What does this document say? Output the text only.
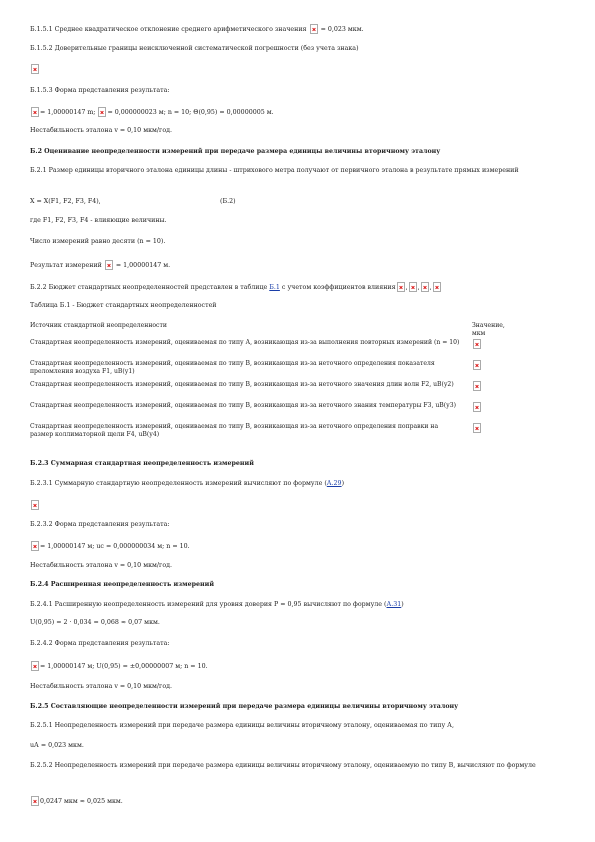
Б.1.5.1 Среднее квадратическое отклонение среднего арифметического значения = 0,023 мкм.
Б.1.5.2 Доверительные границы неисключенной систематической погрешности (без учета знака)
Б.1.5.3 Форма представления результата:
= 1,00000147 m; = 0,000000023 м; n = 10; Θ(0,95) = 0,00000005 м.
Нестабильность эталона v = 0,10 мкм/год.
Б.2 Оценивание неопределенности измерений при передаче размера единицы величины вторичному эталону
Б.2.1 Размер единицы вторичного эталона единицы длины - штрихового метра получают от первичного эталона в результате прямых измерений
X = X(F1, F2, F3, F4),	(Б.2)
где F1, F2, F3, F4 - влияющие величины.
Число измерений равно десяти (n = 10).
Результат измерений = 1,00000147 м.
Б.2.2 Бюджет стандартных неопределенностей представлен в таблице Б.1 с учетом коэффициентов влияния , , ,
Таблица Б.1 - Бюджет стандартных неопределенностей
Источник стандартной неопределенности	Значение, мкм
Стандартная неопределенность измерений, оцениваемая по типу А, возникающая из-за выполнения повторных измерений (n = 10)	
Стандартная неопределенность измерений, оцениваемая по типу В, возникающая из-за неточного определения показателя преломления воздуха F1, uB(у1)	
Стандартная неопределенность измерений, оцениваемая по типу В, возникающая из-за неточного значения длин волн F2, uB(у2)	
Стандартная неопределенность измерений, оцениваемая по типу В, возникающая из-за неточного знания температуры F3, uB(у3)	
Стандартная неопределенность измерений, оцениваемая по типу В, возникающая из-за неточного определения поправки на размер коллиматорной щели F4, uB(у4)	
Б.2.3 Суммарная стандартная неопределенность измерений
Б.2.3.1 Суммарную стандартную неопределенность измерений вычисляют по формуле (А.29)
Б.2.3.2 Форма представления результата:
= 1,00000147 м; uс = 0,000000034 м; n = 10.
Нестабильность эталона v = 0,10 мкм/год.
Б.2.4 Расширенная неопределенность измерений
Б.2.4.1 Расширенную неопределенность измерений для уровня доверия P = 0,95 вычисляют по формуле (А.31)
U(0,95) = 2 · 0,034 = 0,068 ≈ 0,07 мкм.
Б.2.4.2 Форма представления результата:
= 1,00000147 м; U(0,95) = ±0,00000007 м; n = 10.
Нестабильность эталона v = 0,10 мкм/год.
Б.2.5 Составляющие неопределенности измерений при передаче размера единицы величины вторичному эталону
Б.2.5.1 Неопределенность измерений при передаче размера единицы величины вторичному эталону, оцениваемая по типу А,
uА = 0,023 мкм.
Б.2.5.2 Неопределенность измерений при передаче размера единицы величины вторичному эталону, оцениваемую по типу В, вычисляют по формуле
0,0247 мкм ≈ 0,025 мкм.
